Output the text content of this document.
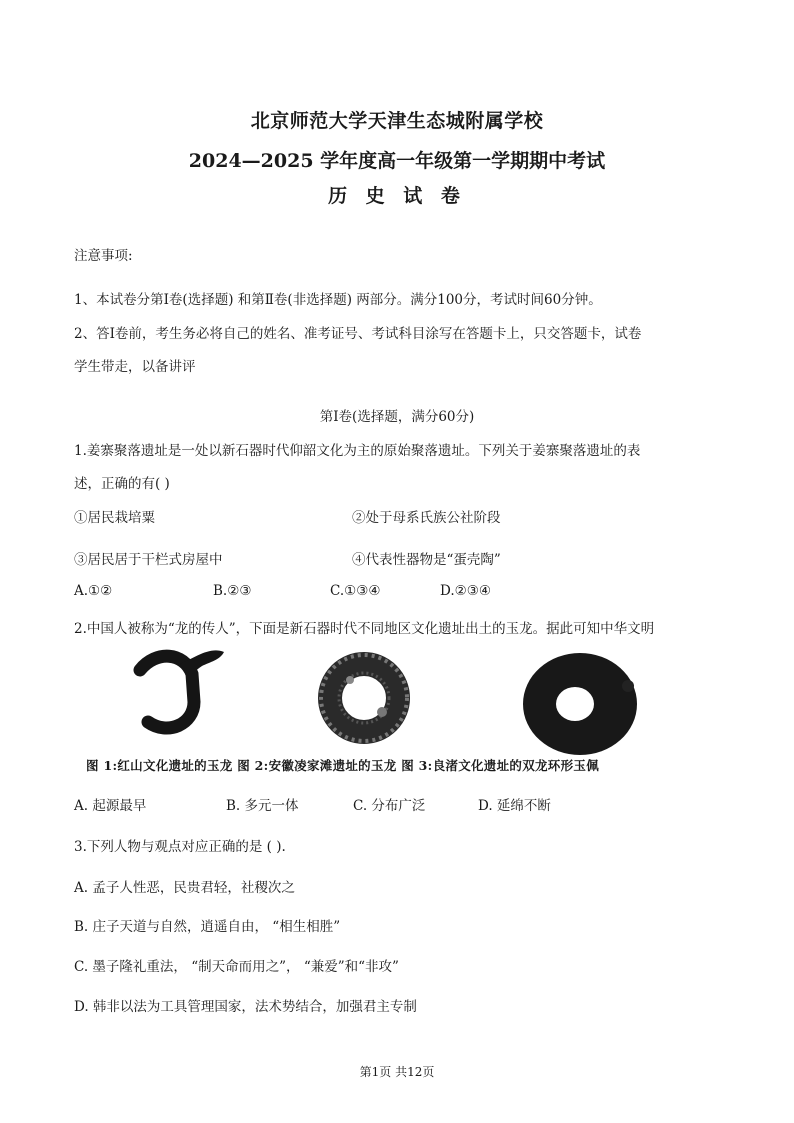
北京师范大学天津生态城附属学校
2024—2025 学年度高一年级第一学期期中考试
历 史 试 卷
注意事项:
1、本试卷分第Ⅰ卷(选择题) 和第Ⅱ卷(非选择题) 两部分。满分100分，考试时间60分钟。
2、答Ⅰ卷前，考生务必将自己的姓名、准考证号、考试科目涂写在答题卡上，只交答题卡，试卷
学生带走，以备讲评
第Ⅰ卷(选择题，满分60分)
1.姜寨聚落遗址是一处以新石器时代仰韶文化为主的原始聚落遗址。下列关于姜寨聚落遗址的表
述，正确的有( )
①居民栽培粟	②处于母系氏族公社阶段
③居民居于干栏式房屋中	④代表性器物是“蛋壳陶”
A.①②	B.②③	C.①③④	D.②③④
2.中国人被称为“龙的传人”，下面是新石器时代不同地区文化遗址出土的玉龙。据此可知中华文明
图 1:红山文化遗址的玉龙 图 2:安徽凌家滩遗址的玉龙 图 3:良渚文化遗址的双龙环形玉佩
A. 起源最早	B. 多元一体	C. 分布广泛	D. 延绵不断
3.下列人物与观点对应正确的是 ( ).
A. 孟子人性恶，民贵君轻，社稷次之
B. 庄子天道与自然，逍遥自由， “相生相胜”
C. 墨子隆礼重法， “制天命而用之”， “兼爱”和“非攻”
D. 韩非以法为工具管理国家，法术势结合，加强君主专制
第1页 共12页
